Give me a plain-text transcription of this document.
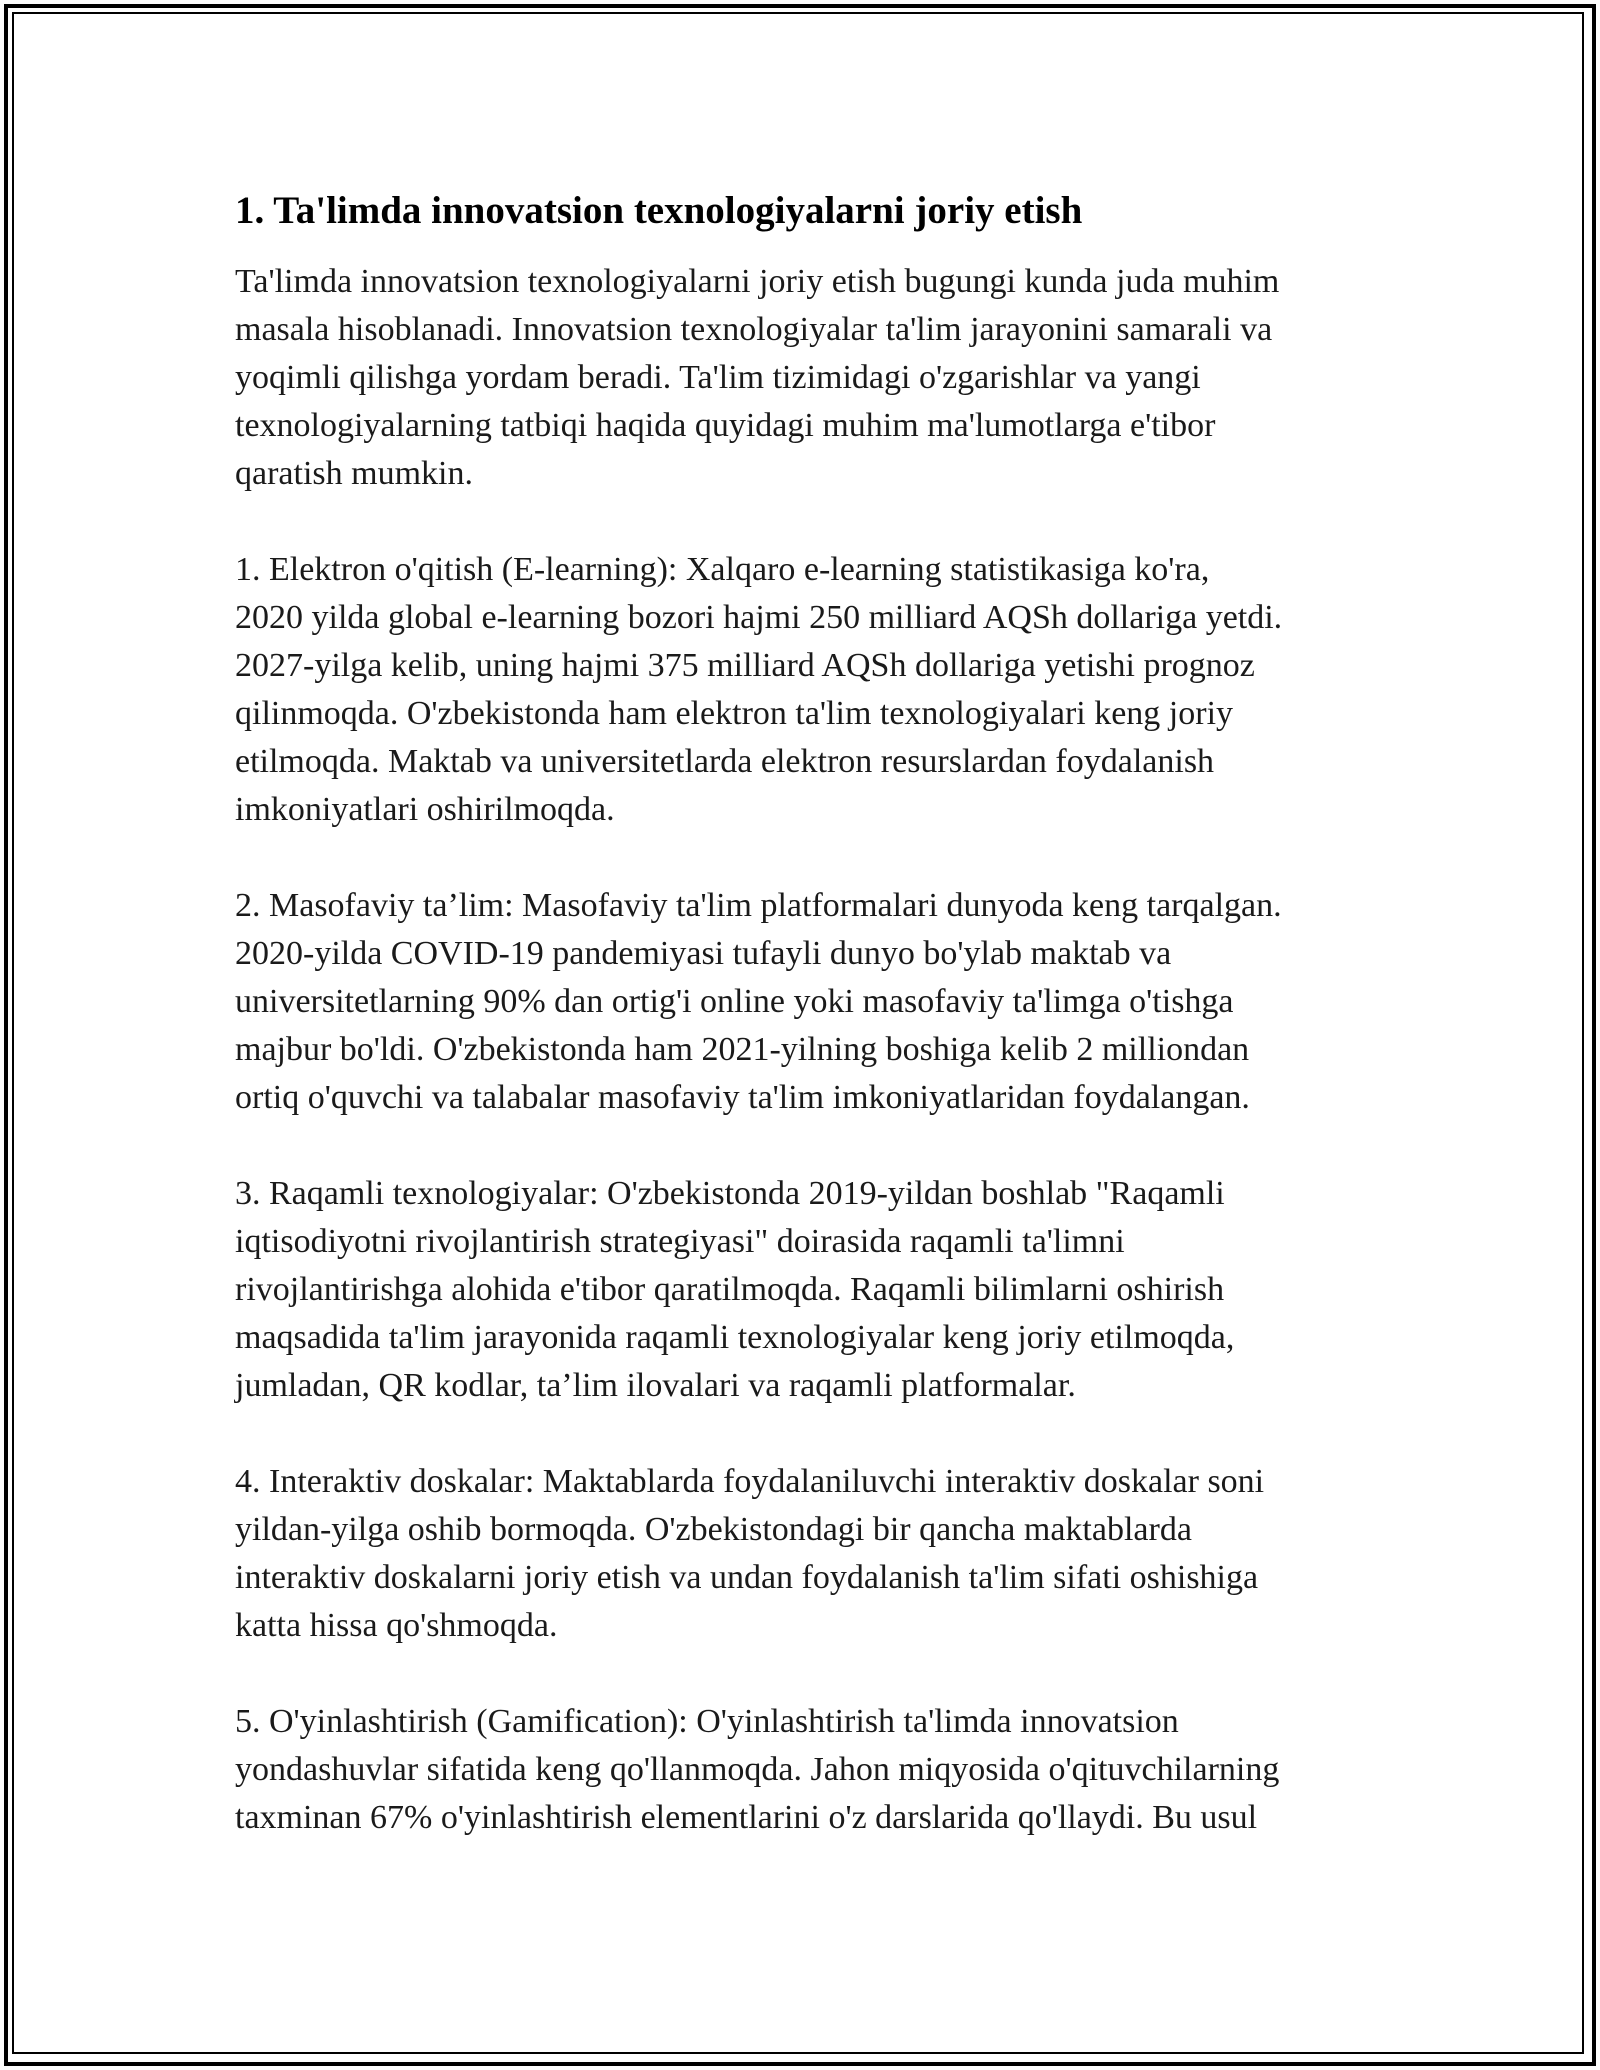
1. Ta'limda innovatsion texnologiyalarni joriy etish

Ta'limda innovatsion texnologiyalarni joriy etish bugungi kunda juda muhim
masala hisoblanadi. Innovatsion texnologiyalar ta'lim jarayonini samarali va
yoqimli qilishga yordam beradi. Ta'lim tizimidagi o'zgarishlar va yangi
texnologiyalarning tatbiqi haqida quyidagi muhim ma'lumotlarga e'tibor
qaratish mumkin.

1. Elektron o'qitish (E-learning): Xalqaro e-learning statistikasiga ko'ra,
2020 yilda global e-learning bozori hajmi 250 milliard AQSh dollariga yetdi.
2027-yilga kelib, uning hajmi 375 milliard AQSh dollariga yetishi prognoz
qilinmoqda. O'zbekistonda ham elektron ta'lim texnologiyalari keng joriy
etilmoqda. Maktab va universitetlarda elektron resurslardan foydalanish
imkoniyatlari oshirilmoqda.

2. Masofaviy ta’lim: Masofaviy ta'lim platformalari dunyoda keng tarqalgan.
2020-yilda COVID-19 pandemiyasi tufayli dunyo bo'ylab maktab va
universitetlarning 90% dan ortig'i online yoki masofaviy ta'limga o'tishga
majbur bo'ldi. O'zbekistonda ham 2021-yilning boshiga kelib 2 milliondan
ortiq o'quvchi va talabalar masofaviy ta'lim imkoniyatlaridan foydalangan.

3. Raqamli texnologiyalar: O'zbekistonda 2019-yildan boshlab "Raqamli
iqtisodiyotni rivojlantirish strategiyasi" doirasida raqamli ta'limni
rivojlantirishga alohida e'tibor qaratilmoqda. Raqamli bilimlarni oshirish
maqsadida ta'lim jarayonida raqamli texnologiyalar keng joriy etilmoqda,
jumladan, QR kodlar, ta’lim ilovalari va raqamli platformalar.

4. Interaktiv doskalar: Maktablarda foydalaniluvchi interaktiv doskalar soni
yildan-yilga oshib bormoqda. O'zbekistondagi bir qancha maktablarda
interaktiv doskalarni joriy etish va undan foydalanish ta'lim sifati oshishiga
katta hissa qo'shmoqda.

5. O'yinlashtirish (Gamification): O'yinlashtirish ta'limda innovatsion
yondashuvlar sifatida keng qo'llanmoqda. Jahon miqyosida o'qituvchilarning
taxminan 67% o'yinlashtirish elementlarini o'z darslarida qo'llaydi. Bu usul
